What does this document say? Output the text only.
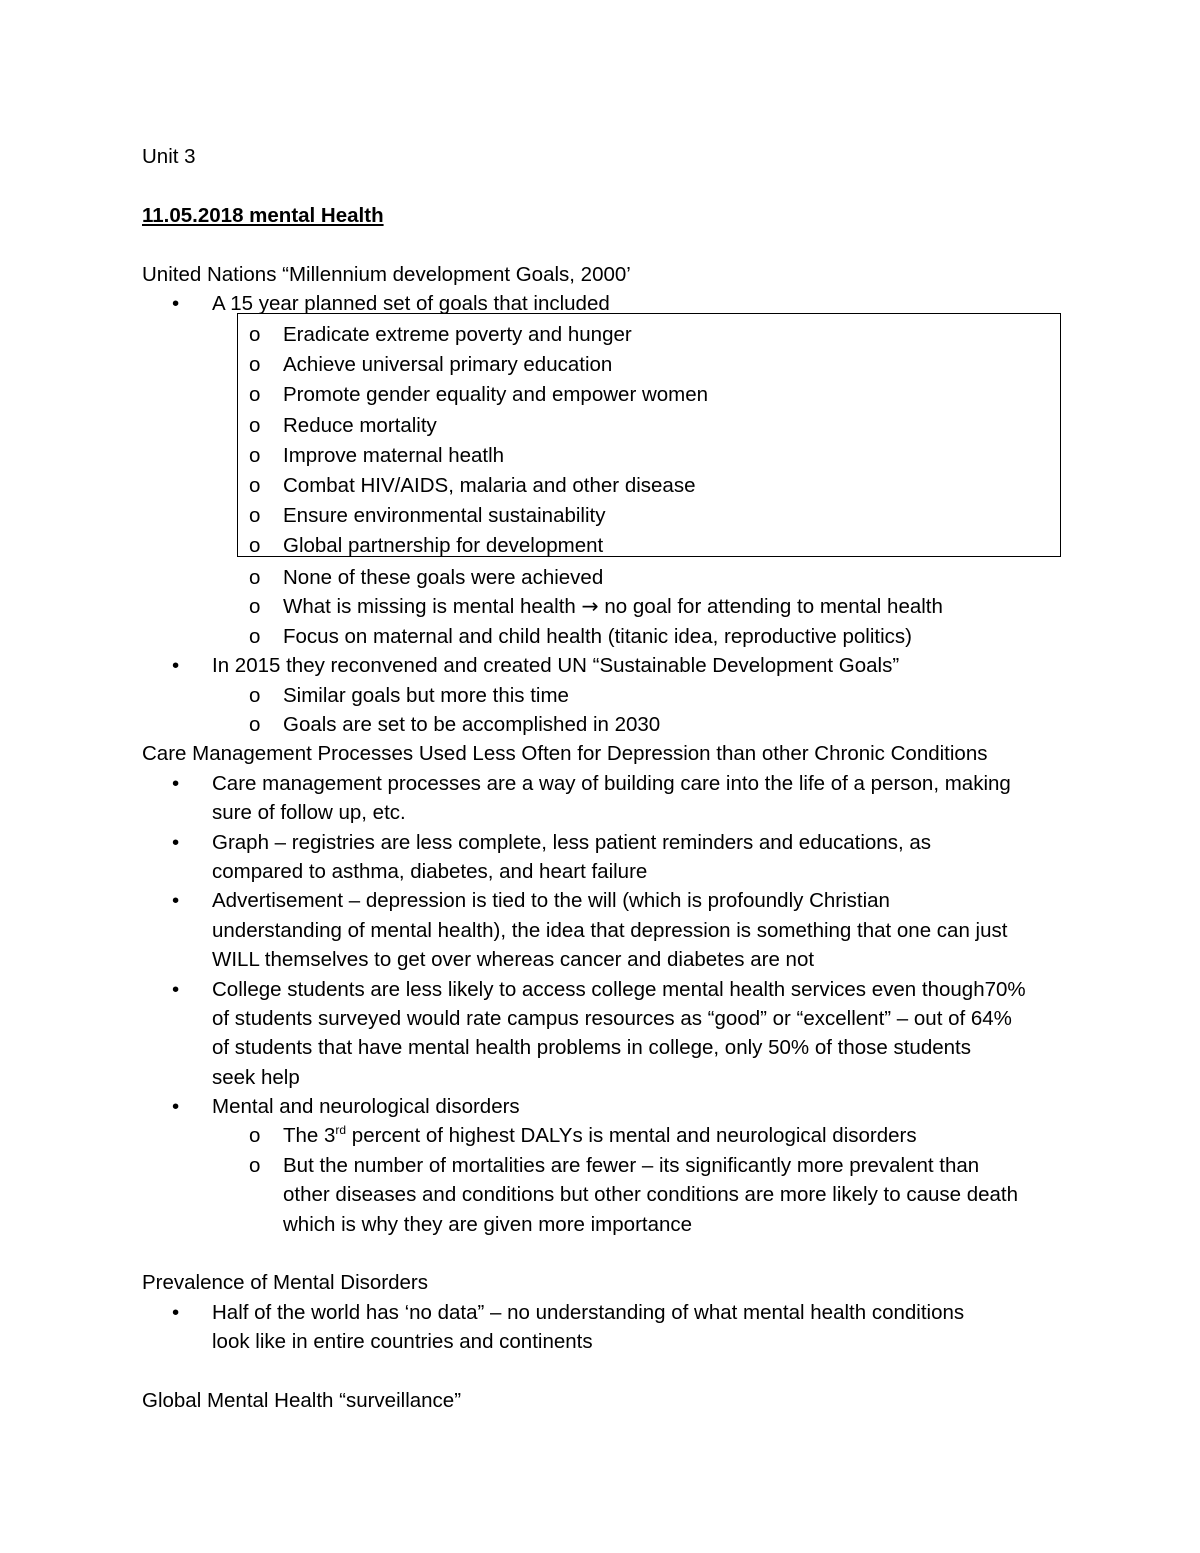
Unit 3
11.05.2018 mental Health
United Nations “Millennium development Goals, 2000’
• A 15 year planned set of goals that included
o Eradicate extreme poverty and hunger
o Achieve universal primary education
o Promote gender equality and empower women
o Reduce mortality
o Improve maternal heatlh
o Combat HIV/AIDS, malaria and other disease
o Ensure environmental sustainability
o Global partnership for development
o None of these goals were achieved
o What is missing is mental health → no goal for attending to mental health
o Focus on maternal and child health (titanic idea, reproductive politics)
• In 2015 they reconvened and created UN “Sustainable Development Goals”
o Similar goals but more this time
o Goals are set to be accomplished in 2030
Care Management Processes Used Less Often for Depression than other Chronic Conditions
• Care management processes are a way of building care into the life of a person, making
sure of follow up, etc.
• Graph – registries are less complete, less patient reminders and educations, as
compared to asthma, diabetes, and heart failure
• Advertisement – depression is tied to the will (which is profoundly Christian
understanding of mental health), the idea that depression is something that one can just
WILL themselves to get over whereas cancer and diabetes are not
• College students are less likely to access college mental health services even though70%
of students surveyed would rate campus resources as “good” or “excellent” – out of 64%
of students that have mental health problems in college, only 50% of those students
seek help
• Mental and neurological disorders
o The 3rd percent of highest DALYs is mental and neurological disorders
o But the number of mortalities are fewer – its significantly more prevalent than
other diseases and conditions but other conditions are more likely to cause death
which is why they are given more importance
Prevalence of Mental Disorders
• Half of the world has ‘no data” – no understanding of what mental health conditions
look like in entire countries and continents
Global Mental Health “surveillance”
